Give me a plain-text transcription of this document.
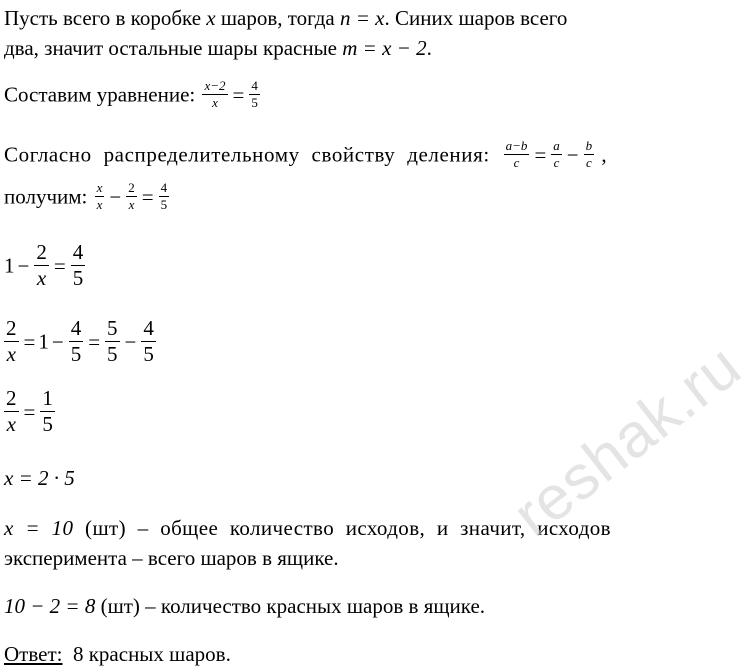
Пусть всего в коробке x шаров, тогда n = x. Синих шаров всего
два, значит остальные шары красные m = x − 2.
Составим уравнение: $\frac{x-2}{x} = \frac{4}{5}$
Согласно распределительному свойству деления: $\frac{a-b}{c} = \frac{a}{c} - \frac{b}{c}$ ,
получим: $\frac{x}{x} - \frac{2}{x} = \frac{4}{5}$
$1 - \frac{2}{x} = \frac{4}{5}$
$\frac{2}{x} = 1 - \frac{4}{5} = \frac{5}{5} - \frac{4}{5}$
$\frac{2}{x} = \frac{1}{5}$
x = 2 · 5
x = 10 (шт) – общее количество исходов, и значит, исходов
эксперимента – всего шаров в ящике.
10 − 2 = 8 (шт) – количество красных шаров в ящике.
Ответ:  8 красных шаров.
reshak.ru
